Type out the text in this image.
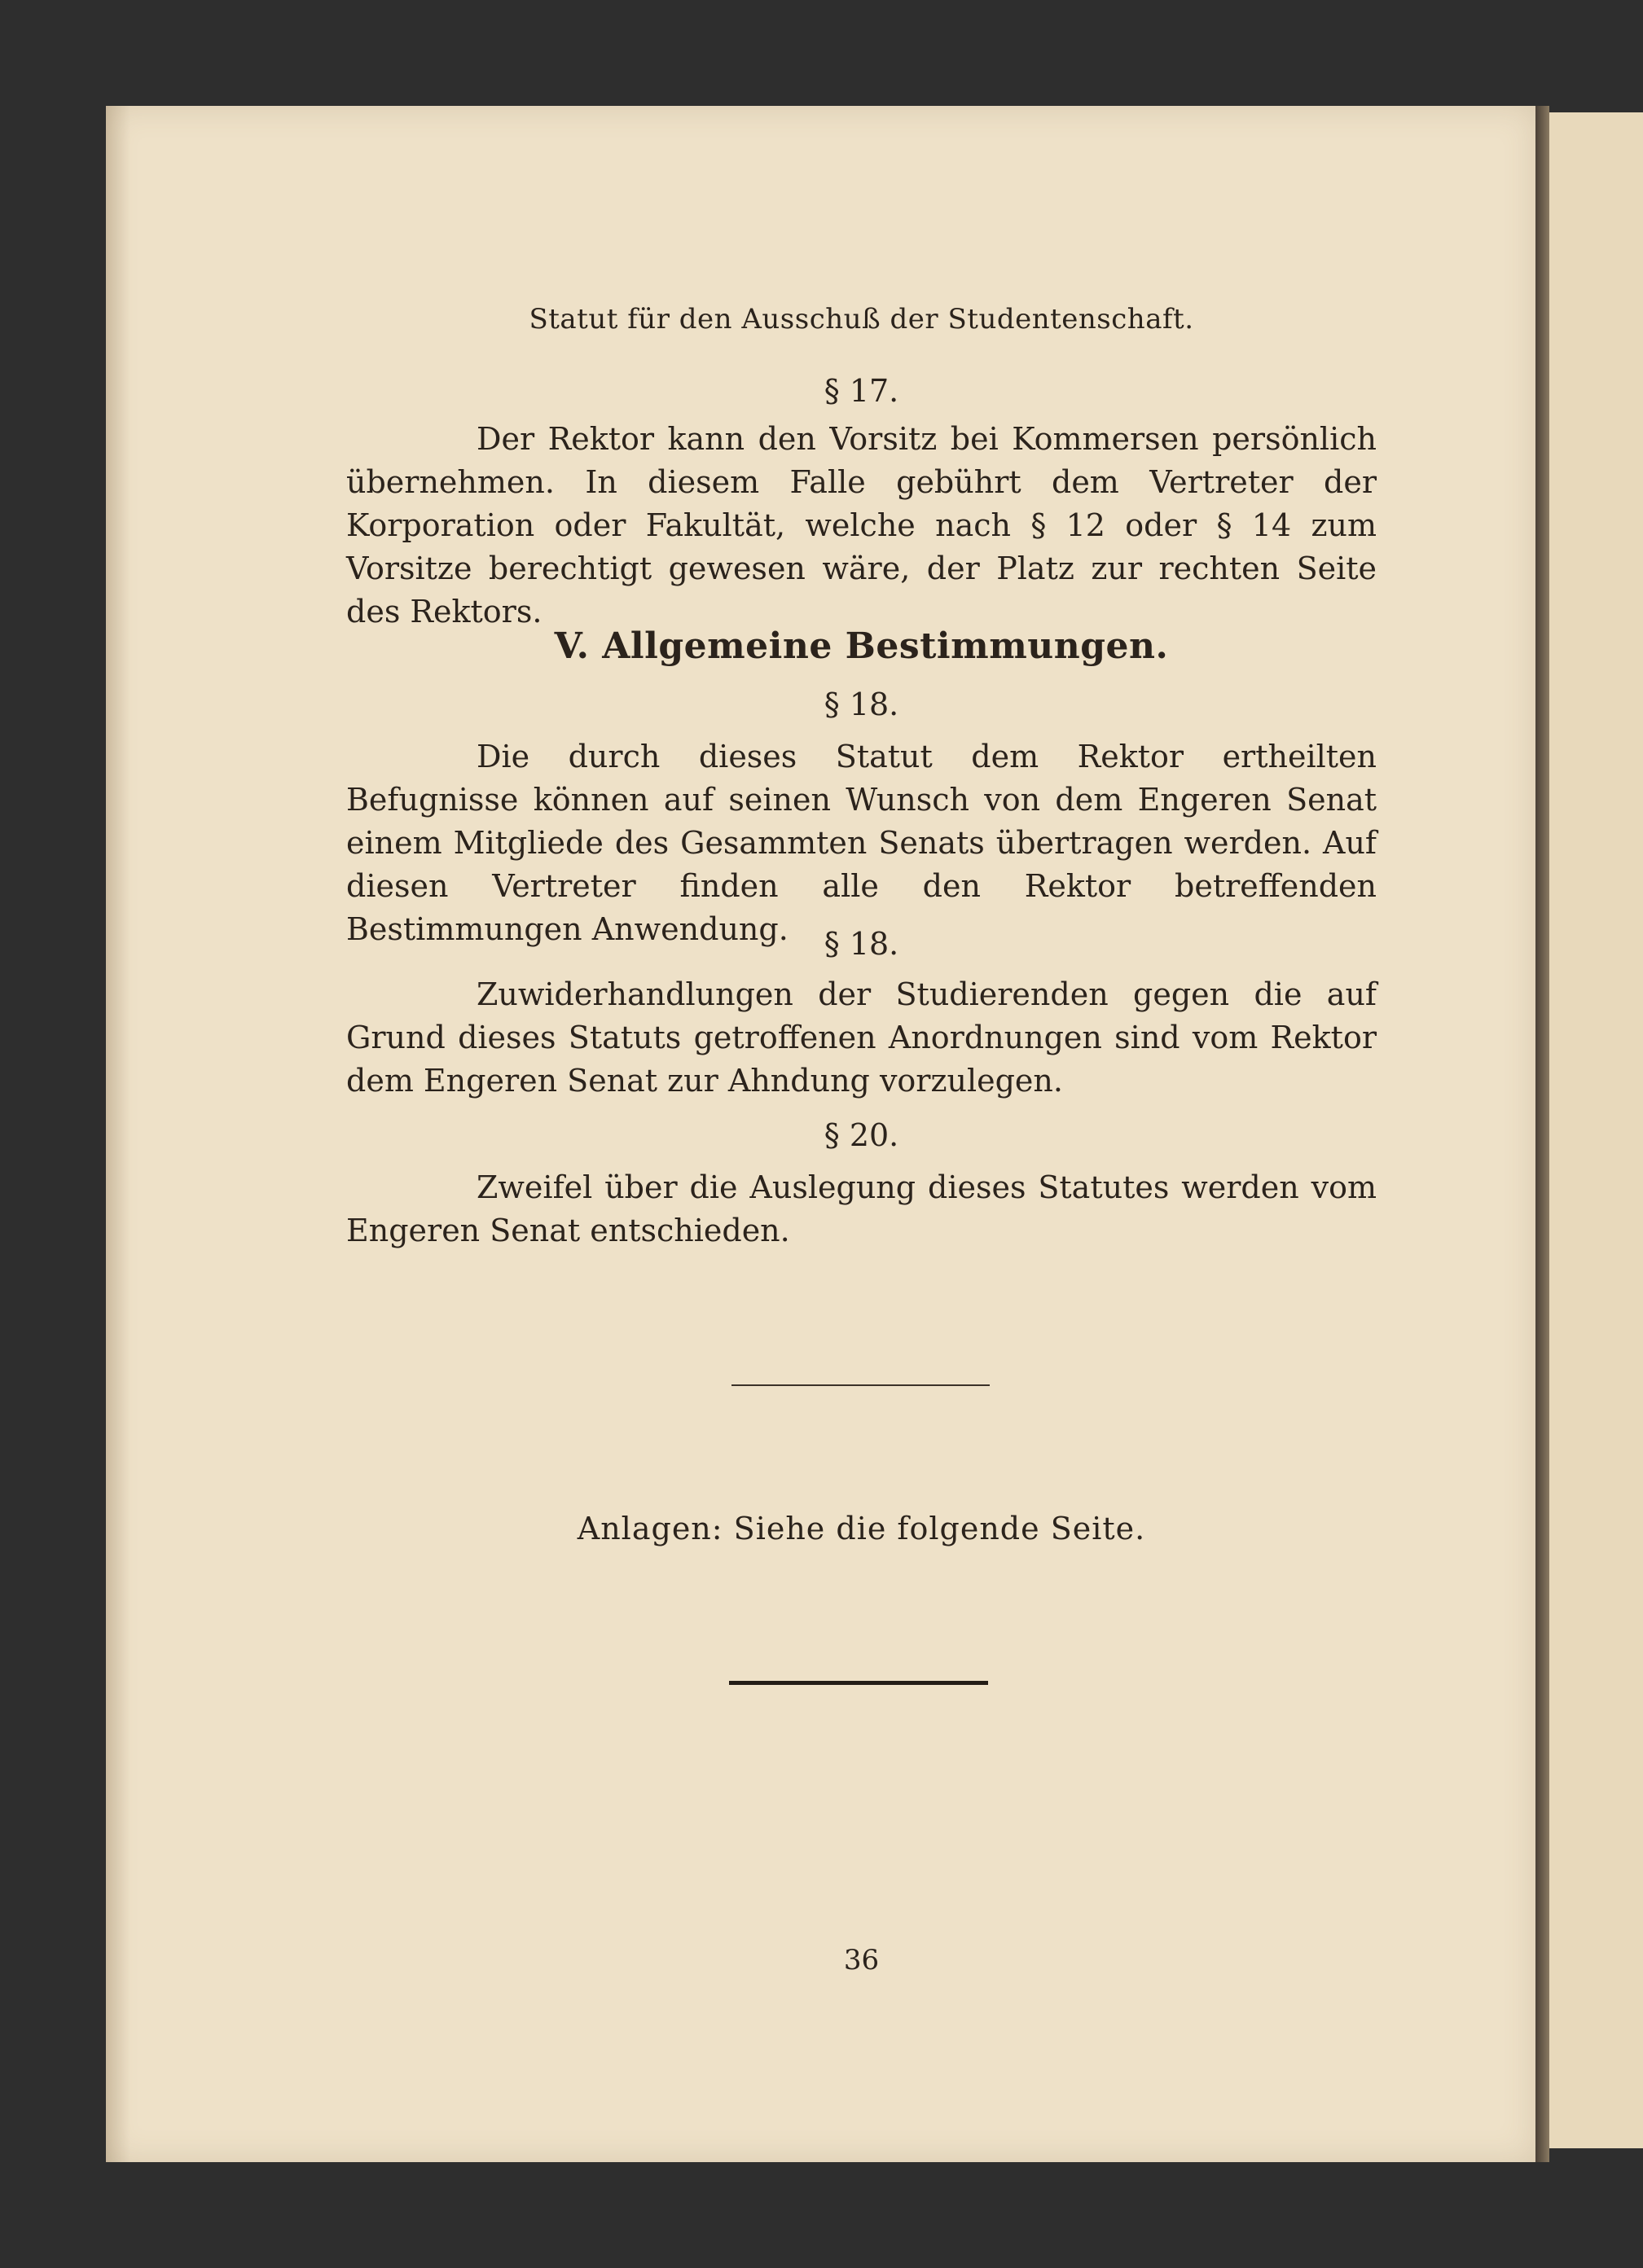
Statut für den Ausschuß der Studentenschaft.

§ 17.

Der Rektor kann den Vorsitz bei Kommersen persönlich übernehmen. In diesem Falle gebührt dem Vertreter der Korporation oder Fakultät, welche nach § 12 oder § 14 zum Vorsitze berechtigt gewesen wäre, der Platz zur rechten Seite des Rektors.

V. Allgemeine Bestimmungen.

§ 18.

Die durch dieses Statut dem Rektor ertheilten Befugnisse können auf seinen Wunsch von dem Engeren Senat einem Mitgliede des Gesammten Senats übertragen werden. Auf diesen Vertreter finden alle den Rektor betreffenden Bestimmungen Anwendung.	§ 18.

Zuwiderhandlungen der Studierenden gegen die auf Grund dieses Statuts getroffenen Anordnungen sind vom Rektor dem Engeren Senat zur Ahndung vorzulegen.

§ 20.

Zweifel über die Auslegung dieses Statutes werden vom Engeren Senat entschieden.

Anlagen: Siehe die folgende Seite.

36
